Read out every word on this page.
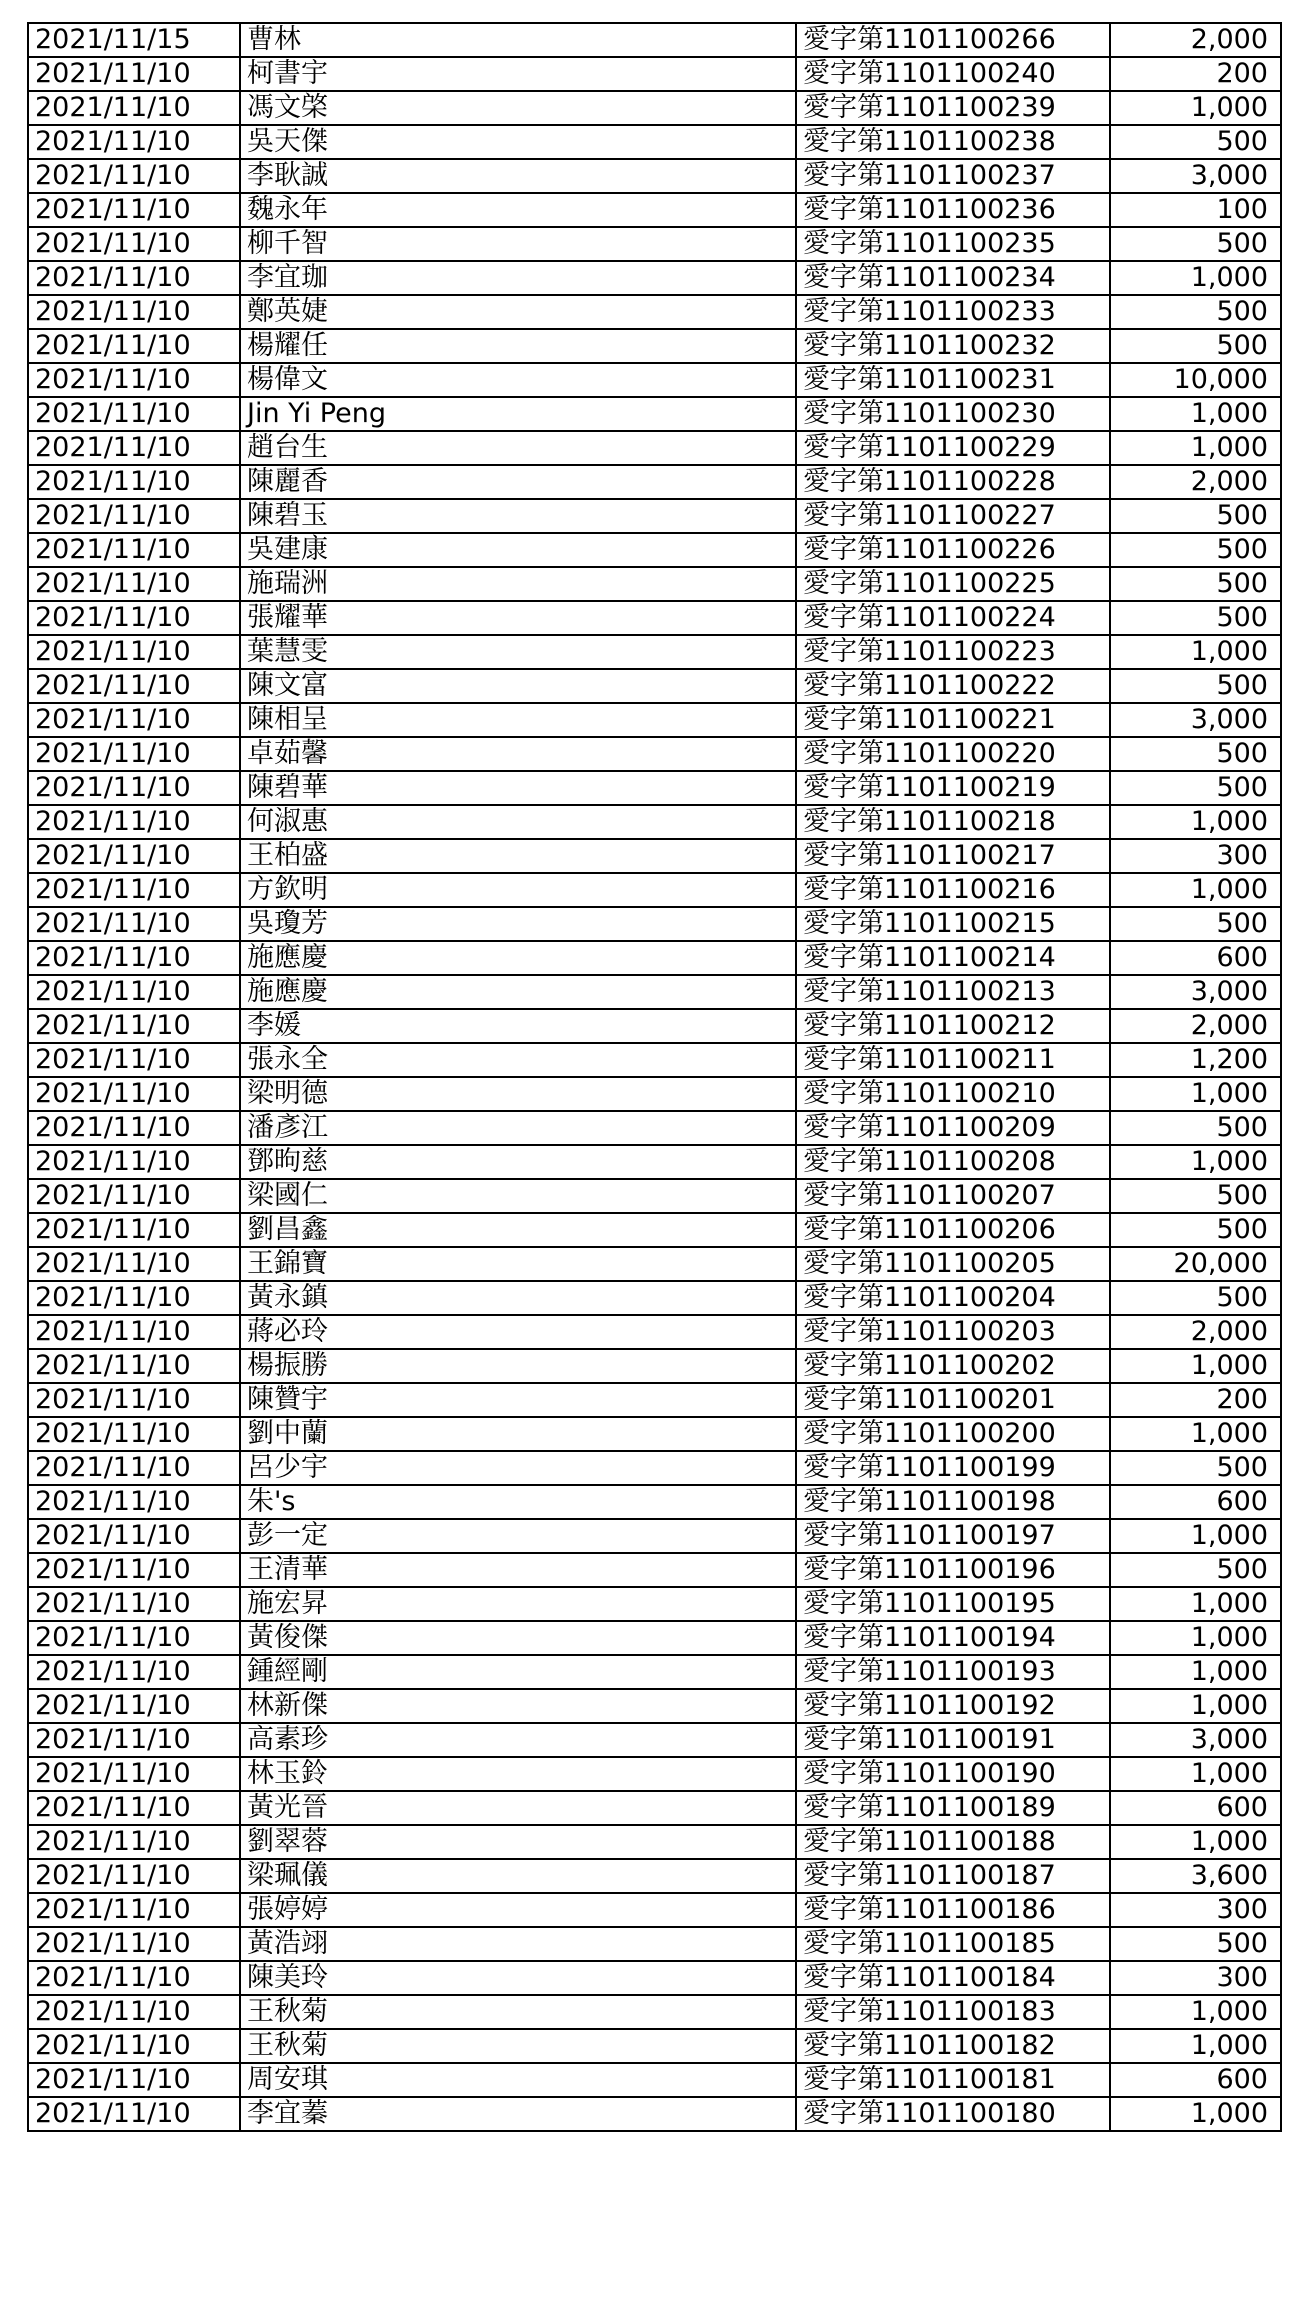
2021/11/15	曹林	愛字第1101100266	2,000
2021/11/10	柯書宇	愛字第1101100240	200
2021/11/10	馮文棨	愛字第1101100239	1,000
2021/11/10	吳天傑	愛字第1101100238	500
2021/11/10	李耿誠	愛字第1101100237	3,000
2021/11/10	魏永年	愛字第1101100236	100
2021/11/10	柳千智	愛字第1101100235	500
2021/11/10	李宜珈	愛字第1101100234	1,000
2021/11/10	鄭英婕	愛字第1101100233	500
2021/11/10	楊耀任	愛字第1101100232	500
2021/11/10	楊偉文	愛字第1101100231	10,000
2021/11/10	Jin Yi Peng	愛字第1101100230	1,000
2021/11/10	趙台生	愛字第1101100229	1,000
2021/11/10	陳麗香	愛字第1101100228	2,000
2021/11/10	陳碧玉	愛字第1101100227	500
2021/11/10	吳建康	愛字第1101100226	500
2021/11/10	施瑞洲	愛字第1101100225	500
2021/11/10	張耀華	愛字第1101100224	500
2021/11/10	葉慧雯	愛字第1101100223	1,000
2021/11/10	陳文富	愛字第1101100222	500
2021/11/10	陳相呈	愛字第1101100221	3,000
2021/11/10	卓茹馨	愛字第1101100220	500
2021/11/10	陳碧華	愛字第1101100219	500
2021/11/10	何淑惠	愛字第1101100218	1,000
2021/11/10	王柏盛	愛字第1101100217	300
2021/11/10	方欽明	愛字第1101100216	1,000
2021/11/10	吳瓊芳	愛字第1101100215	500
2021/11/10	施應慶	愛字第1101100214	600
2021/11/10	施應慶	愛字第1101100213	3,000
2021/11/10	李媛	愛字第1101100212	2,000
2021/11/10	張永全	愛字第1101100211	1,200
2021/11/10	梁明德	愛字第1101100210	1,000
2021/11/10	潘彥江	愛字第1101100209	500
2021/11/10	鄧昫慈	愛字第1101100208	1,000
2021/11/10	梁國仁	愛字第1101100207	500
2021/11/10	劉昌鑫	愛字第1101100206	500
2021/11/10	王錦寶	愛字第1101100205	20,000
2021/11/10	黃永鎮	愛字第1101100204	500
2021/11/10	蔣必玲	愛字第1101100203	2,000
2021/11/10	楊振勝	愛字第1101100202	1,000
2021/11/10	陳贊宇	愛字第1101100201	200
2021/11/10	劉中蘭	愛字第1101100200	1,000
2021/11/10	呂少宇	愛字第1101100199	500
2021/11/10	朱's	愛字第1101100198	600
2021/11/10	彭一定	愛字第1101100197	1,000
2021/11/10	王清華	愛字第1101100196	500
2021/11/10	施宏昇	愛字第1101100195	1,000
2021/11/10	黃俊傑	愛字第1101100194	1,000
2021/11/10	鍾經剛	愛字第1101100193	1,000
2021/11/10	林新傑	愛字第1101100192	1,000
2021/11/10	高素珍	愛字第1101100191	3,000
2021/11/10	林玉鈴	愛字第1101100190	1,000
2021/11/10	黃光晉	愛字第1101100189	600
2021/11/10	劉翠蓉	愛字第1101100188	1,000
2021/11/10	梁珮儀	愛字第1101100187	3,600
2021/11/10	張婷婷	愛字第1101100186	300
2021/11/10	黃浩翊	愛字第1101100185	500
2021/11/10	陳美玲	愛字第1101100184	300
2021/11/10	王秋菊	愛字第1101100183	1,000
2021/11/10	王秋菊	愛字第1101100182	1,000
2021/11/10	周安琪	愛字第1101100181	600
2021/11/10	李宜蓁	愛字第1101100180	1,000
